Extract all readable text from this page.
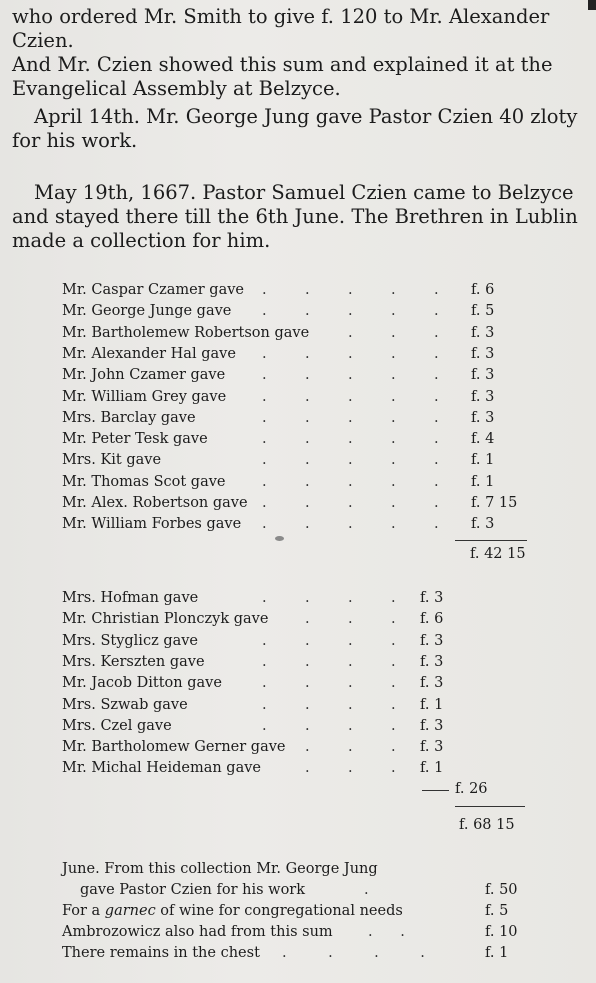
who ordered Mr. Smith to give f. 120 to Mr. Alexander Czien.
And Mr. Czien showed this sum and explained it at the
Evangelical Assembly at Belzyce.
April 14th. Mr. George Jung gave Pastor Czien 40 zloty
for his work.
May 19th, 1667. Pastor Samuel Czien came to Belzyce
and stayed there till the 6th June. The Brethren in Lublin
made a collection for him.
Mr. Caspar Czamer gave .	.	.	.	. f. 6
Mr. George Junge gave .	.	.	.	. f. 5
Mr. Bartholemew Robertson gave	.	.	. f. 3
Mr. Alexander Hal gave .	.	.	.	. f. 3
Mr. John Czamer gave	.	.	.	.	. f. 3
Mr. William Grey gave .	.	.	.	. f. 3
Mrs. Barclay gave	.	.	.	.	. f. 3
Mr. Peter Tesk gave	.	.	.	.	. f. 4
Mrs. Kit gave	.	.	.	.	. f. 1
Mr. Thomas Scot gave	.	.	.	.	. f. 1
Mr. Alex. Robertson gave .	.	.	.	. f. 7 15
Mr. William Forbes gave .	.	.	.	. f. 3
f. 42 15
Mrs. Hofman gave	.	.	.	. f. 3
Mr. Christian Plonczyk gave	.	.	. f. 6
Mrs. Styglicz gave	.	.	.	. f. 3
Mrs. Kerszten gave	.	.	.	. f. 3
Mr. Jacob Ditton gave	.	.	.	. f. 3
Mrs. Szwab gave	.	.	.	. f. 1
Mrs. Czel gave	.	.	.	. f. 3
Mr. Bartholomew Gerner gave .	.	. f. 3
Mr. Michal Heideman gave	.	.	. f. 1
f. 26
f. 68 15
June. From this collection Mr. George Jung
gave Pastor Czien for his work	.	f. 50
For a garnec of wine for congregational needs	f. 5
Ambrozowicz also had from this sum .      .	f. 10
There remains in the chest .         .         .         .	f. 1
